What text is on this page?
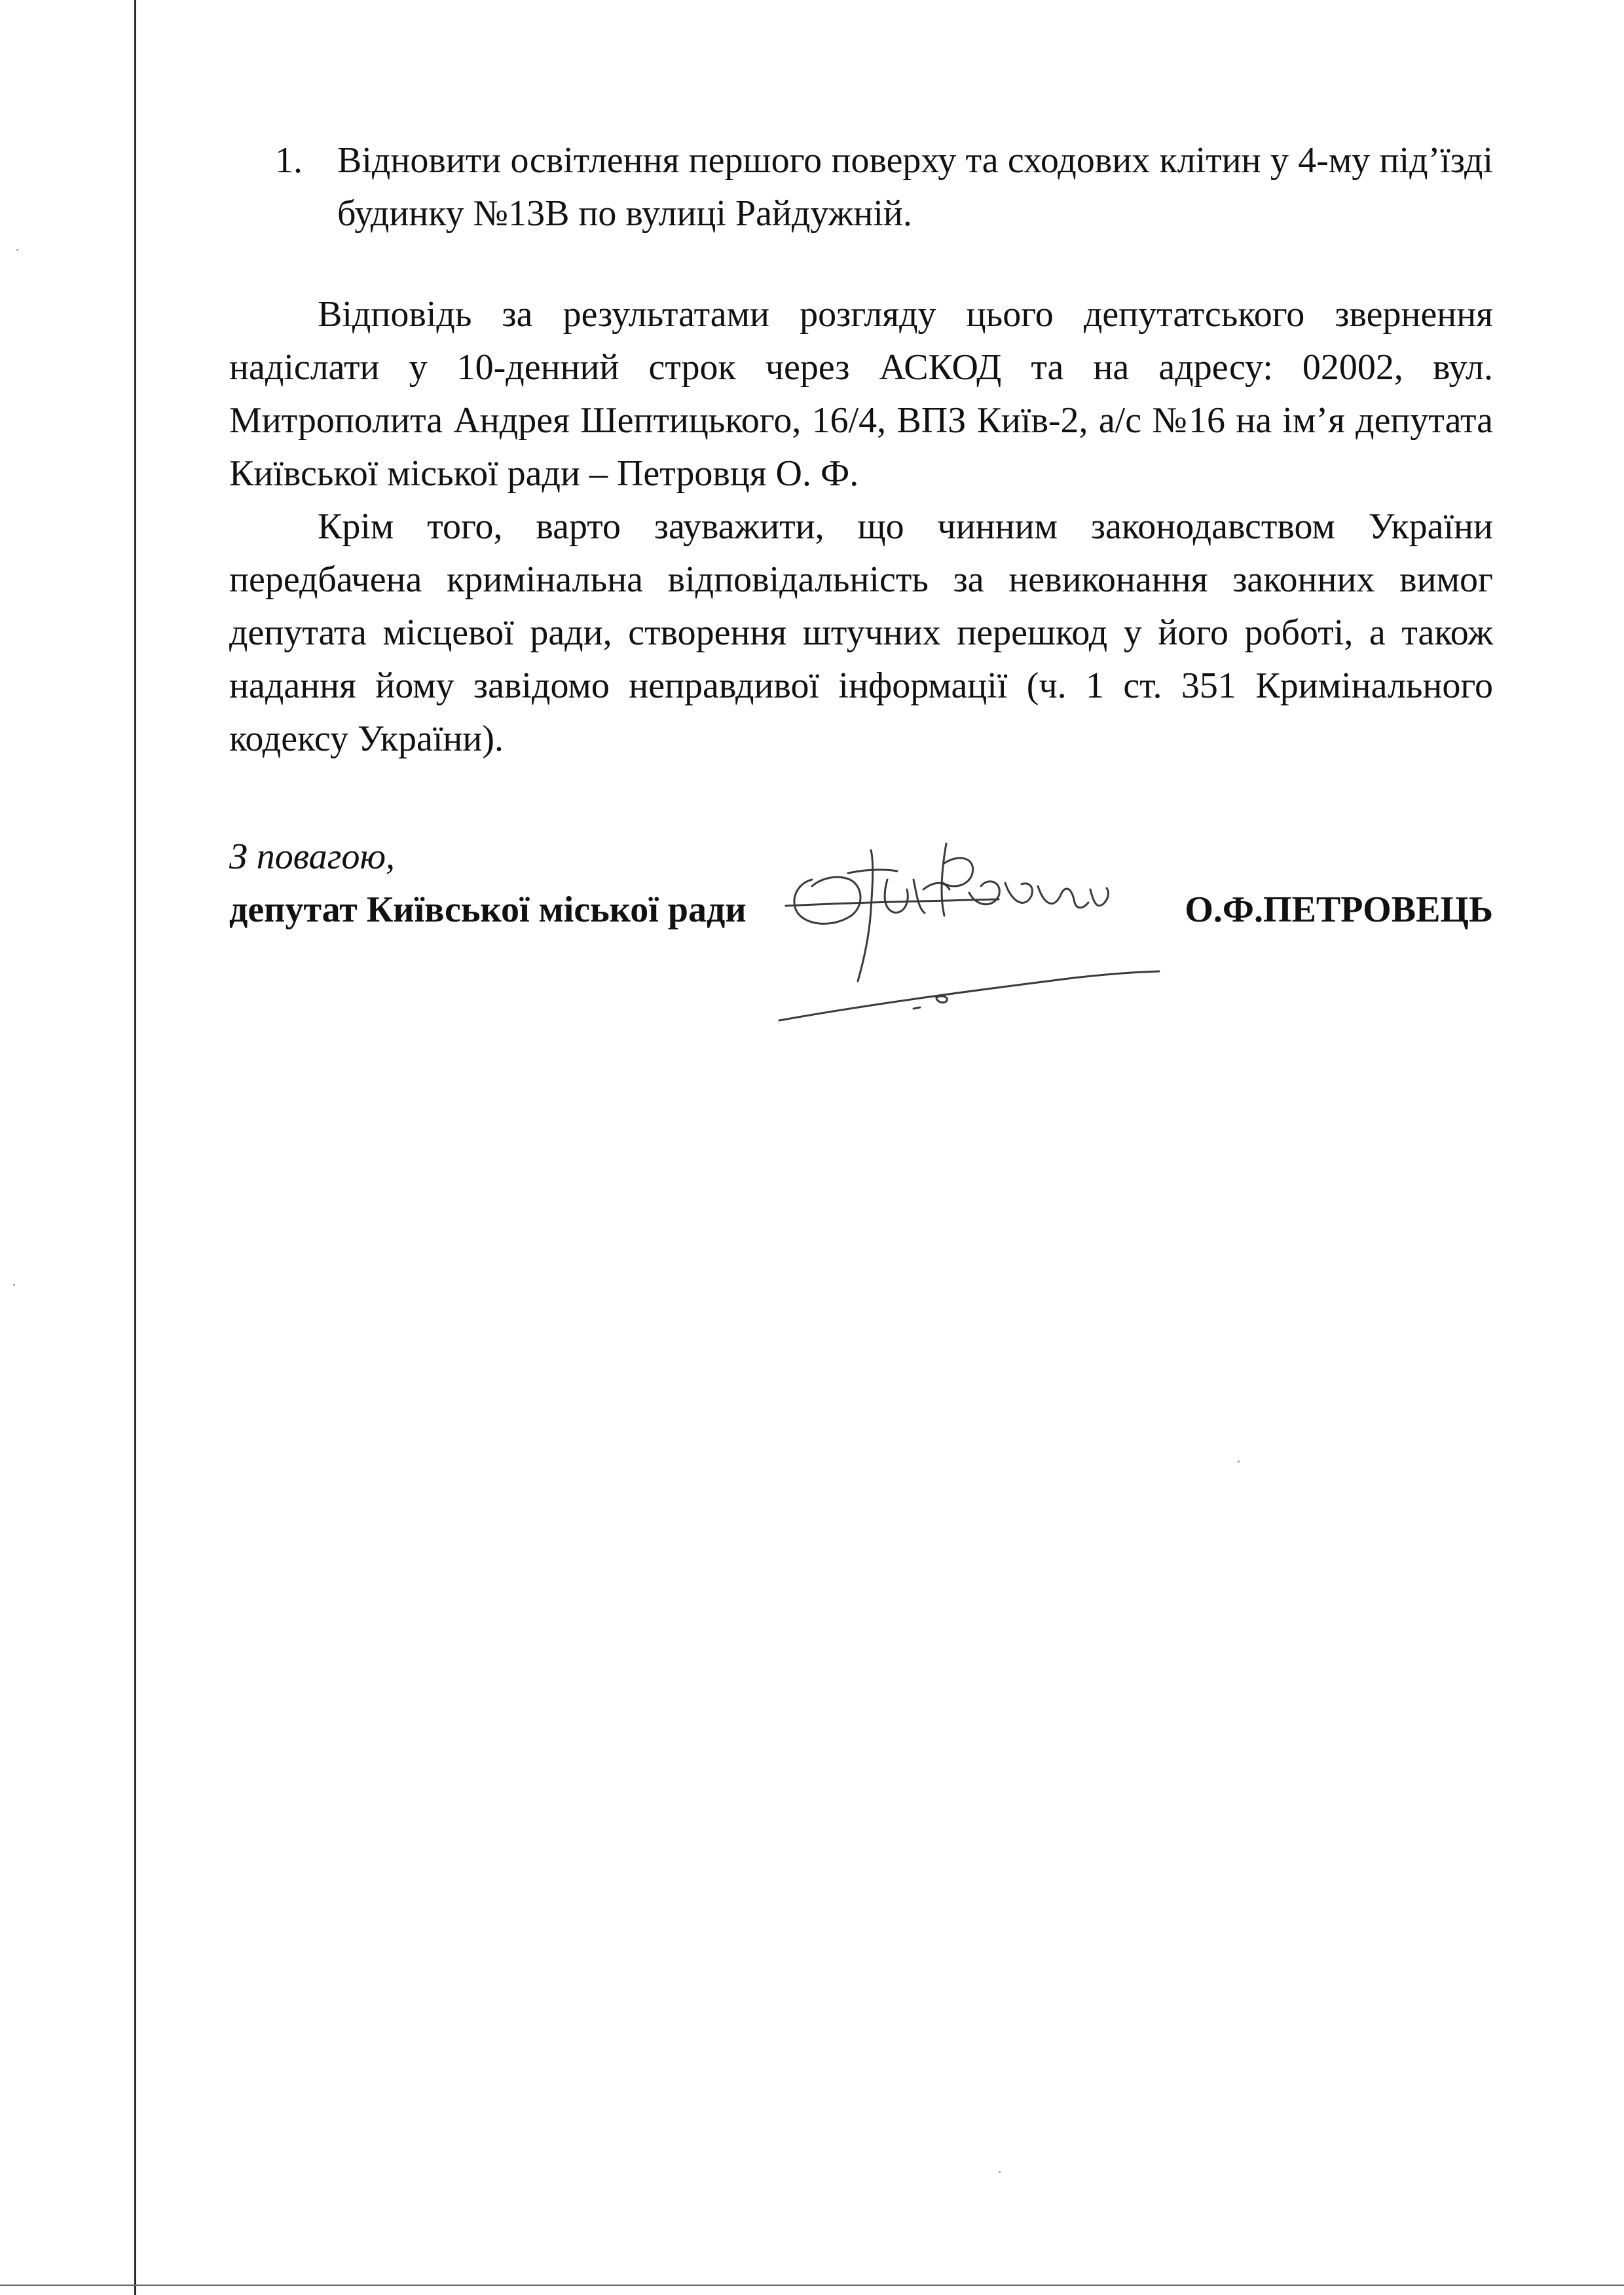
1. Відновити освітлення першого поверху та сходових клітин у 4-му під’їзді будинку №13В по вулиці Райдужній.

Відповідь за результатами розгляду цього депутатського звернення надіслати у 10-денний строк через АСКОД та на адресу: 02002, вул. Митрополита Андрея Шептицького, 16/4, ВПЗ Київ-2, а/с №16 на ім’я депутата Київської міської ради – Петровця О. Ф.

Крім того, варто зауважити, що чинним законодавством України передбачена кримінальна відповідальність за невиконання законних вимог депутата місцевої ради, створення штучних перешкод у його роботі, а також надання йому завідомо неправдивої інформації (ч. 1 ст. 351 Кримінального кодексу України).

З повагою,
депутат Київської міської ради	О.Ф.ПЕТРОВЕЦЬ
